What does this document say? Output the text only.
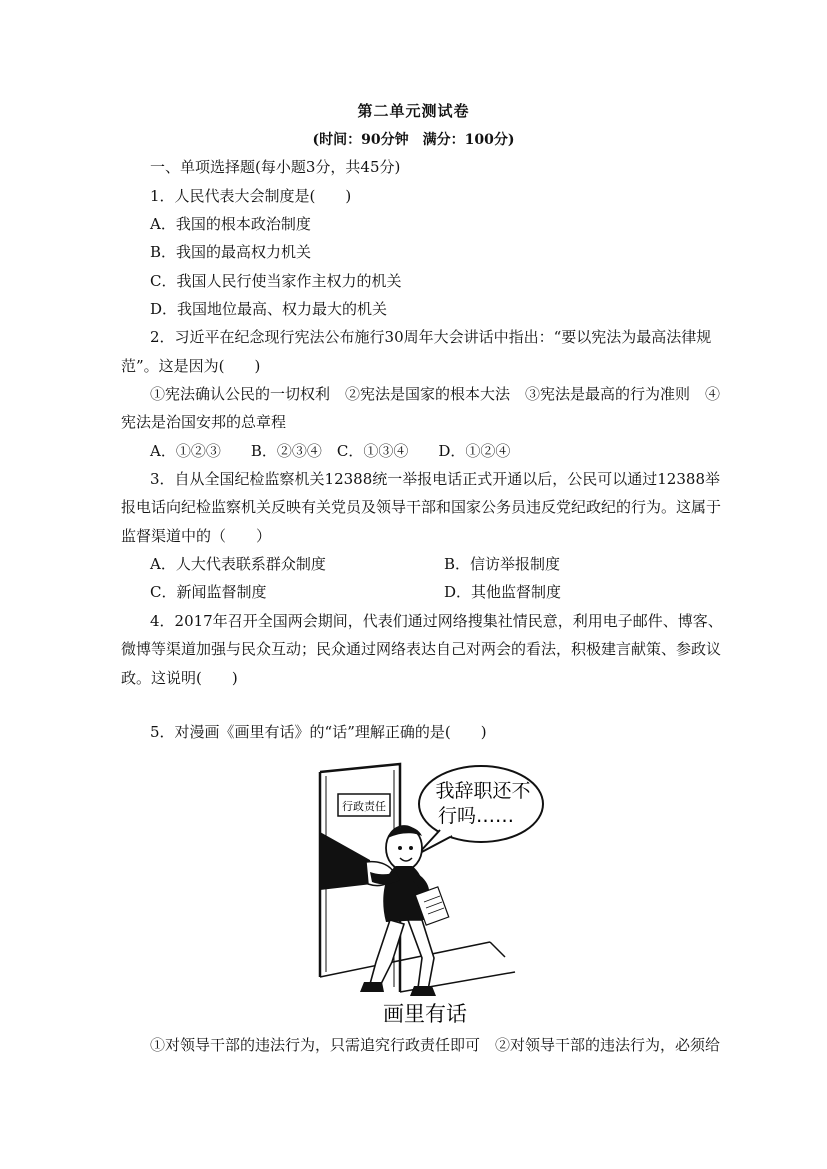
第二单元测试卷
(时间：90分钟　满分：100分)
一、单项选择题(每小题3分，共45分)
1．人民代表大会制度是(　　)
A．我国的根本政治制度
B．我国的最高权力机关
C．我国人民行使当家作主权力的机关
D．我国地位最高、权力最大的机关
2．习近平在纪念现行宪法公布施行30周年大会讲话中指出：“要以宪法为最高法律规
范”。这是因为(　　)
①宪法确认公民的一切权利　②宪法是国家的根本大法　③宪法是最高的行为准则　④
宪法是治国安邦的总章程
A．①②③　　B．②③④　C．①③④　　D．①②④
3．自从全国纪检监察机关12388统一举报电话正式开通以后，公民可以通过12388举
报电话向纪检监察机关反映有关党员及领导干部和国家公务员违反党纪政纪的行为。这属于
监督渠道中的（　　）
A．人大代表联系群众制度	B．信访举报制度
C．新闻监督制度	D．其他监督制度
4．2017年召开全国两会期间，代表们通过网络搜集社情民意，利用电子邮件、博客、
微博等渠道加强与民众互动；民众通过网络表达自己对两会的看法，积极建言献策、参政议
政。这说明(　　)
5．对漫画《画里有话》的“话”理解正确的是(　　)
行政责任
我辞职还不
行吗……
画里有话
①对领导干部的违法行为，只需追究行政责任即可　②对领导干部的违法行为，必须给
